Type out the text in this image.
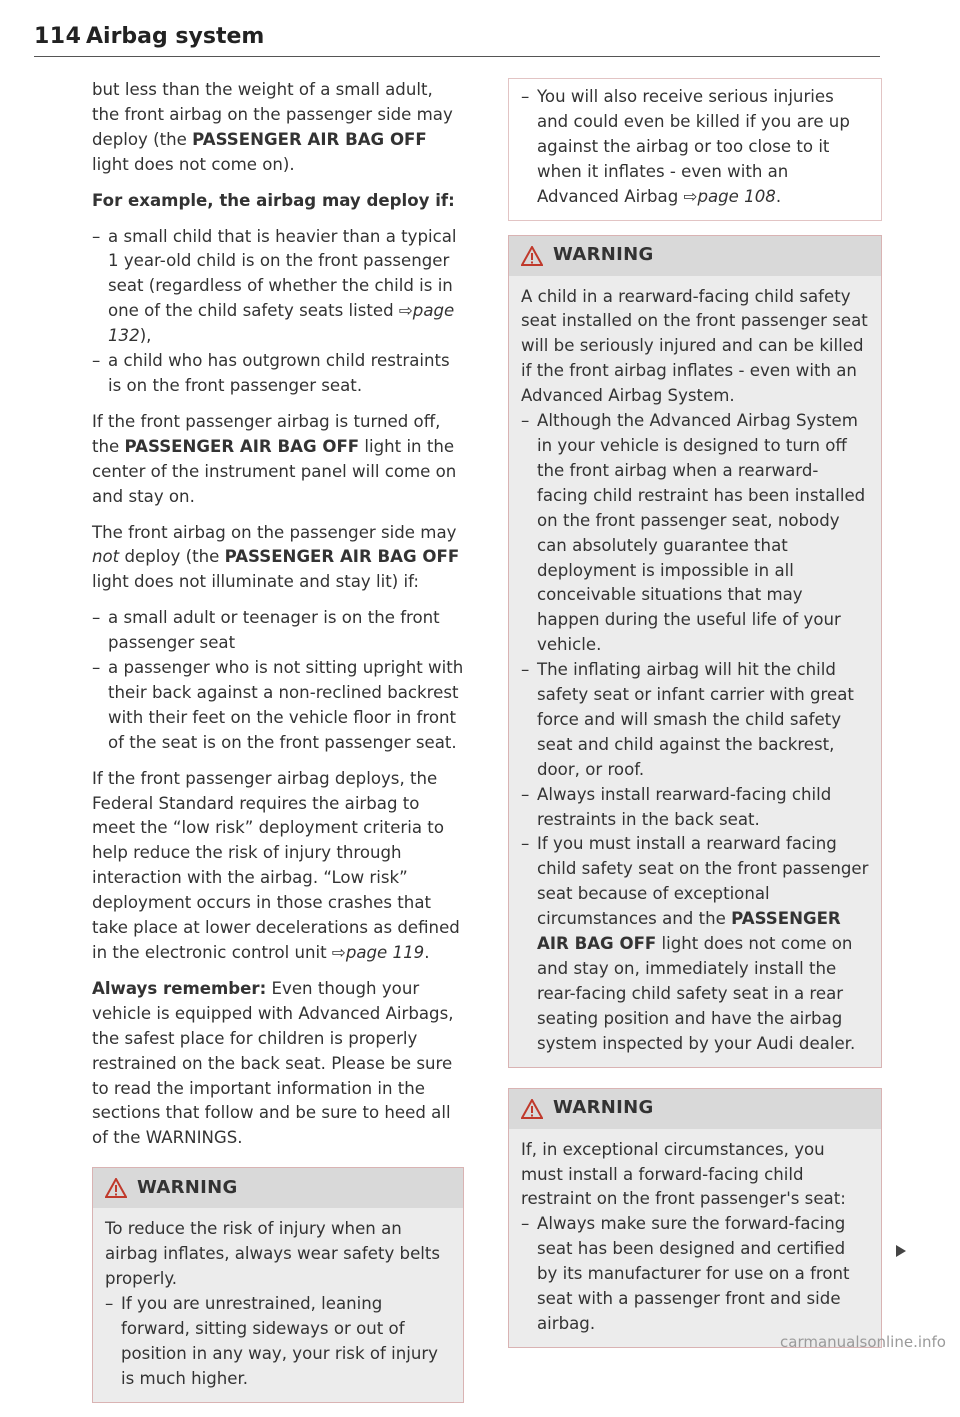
114 Airbag system

but less than the weight of a small adult, the front airbag on the passenger side may deploy (the PASSENGER AIR BAG OFF light does not come on).

For example, the airbag may deploy if:

– a small child that is heavier than a typical 1 year-old child is on the front passenger seat (regardless of whether the child is in one of the child safety seats listed ⇨page 132),
– a child who has outgrown child restraints is on the front passenger seat.

If the front passenger airbag is turned off, the PASSENGER AIR BAG OFF light in the center of the instrument panel will come on and stay on.

The front airbag on the passenger side may not deploy (the PASSENGER AIR BAG OFF light does not illuminate and stay lit) if:

– a small adult or teenager is on the front passenger seat
– a passenger who is not sitting upright with their back against a non-reclined backrest with their feet on the vehicle floor in front of the seat is on the front passenger seat.

If the front passenger airbag deploys, the Federal Standard requires the airbag to meet the “low risk” deployment criteria to help reduce the risk of injury through interaction with the airbag. “Low risk” deployment occurs in those crashes that take place at lower decelerations as defined in the electronic control unit ⇨page 119.

Always remember: Even though your vehicle is equipped with Advanced Airbags, the safest place for children is properly restrained on the back seat. Please be sure to read the important information in the sections that follow and be sure to heed all of the WARNINGS.

WARNING

To reduce the risk of injury when an airbag inflates, always wear safety belts properly.

– If you are unrestrained, leaning forward, sitting sideways or out of position in any way, your risk of injury is much higher.
– You will also receive serious injuries and could even be killed if you are up against the airbag or too close to it when it inflates - even with an Advanced Airbag ⇨page 108.
WARNING

A child in a rearward-facing child safety seat installed on the front passenger seat will be seriously injured and can be killed if the front airbag inflates - even with an Advanced Airbag System.

– Although the Advanced Airbag System in your vehicle is designed to turn off the front airbag when a rearward-facing child restraint has been installed on the front passenger seat, nobody can absolutely guarantee that deployment is impossible in all conceivable situations that may happen during the useful life of your vehicle.
– The inflating airbag will hit the child safety seat or infant carrier with great force and will smash the child safety seat and child against the backrest, door, or roof.
– Always install rearward-facing child restraints in the back seat.
– If you must install a rearward facing child safety seat on the front passenger seat because of exceptional circumstances and the PASSENGER AIR BAG OFF light does not come on and stay on, immediately install the rear-facing child safety seat in a rear seating position and have the airbag system inspected by your Audi dealer.
WARNING

If, in exceptional circumstances, you must install a forward-facing child restraint on the front passenger's seat:

– Always make sure the forward-facing seat has been designed and certified by its manufacturer for use on a front seat with a passenger front and side airbag.
carmanualsonline.info
